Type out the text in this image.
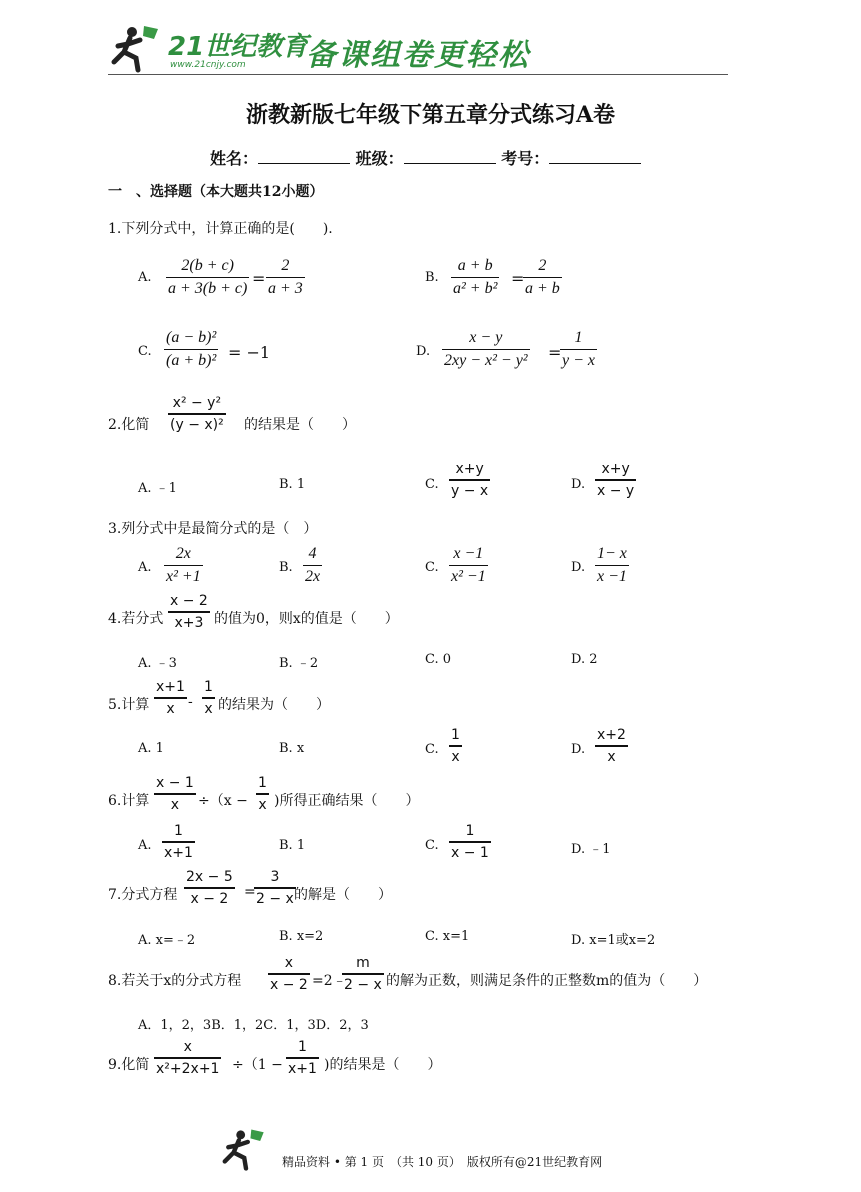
21世纪教育
www.21cnjy.com 备课组卷更轻松
浙教新版七年级下第五章分式练习A卷
姓名：	班级：	考号：
一　、选择题（本大题共12小题）
1.下列分式中，计算正确的是(　　).
A.
2(b + c)
a + 3(b + c)
=
2
a + 3
B.
a + b
a² + b²
=
2
a + b
C.
(a − b)²
(a + b)² = −1	D.
x − y
2xy − x² − y² =
1
y − x
2.化简
x² − y²
(y − x)² 的结果是（　　）
A. ﹣1	B. 1	C.
x+y
y − x	D.
x+y
x − y
3.列分式中是最简分式的是（　）
A.
2x
x² +1
B.
4
2x
C.
x −1
x² −1
D.
1− x
x −1
4.若分式
x − 2
x+3 的值为0，则x的值是（　　）
A. ﹣3	B. ﹣2	C. 0	D. 2
5.计算
x+1
x -
1
x 的结果为（　　）
A. 1	B. x	C.
1
x	D.
x+2
x
6.计算
x − 1
x ÷（x −
1
x )所得正确结果（　　）
A.
1
x+1	B. 1	C.
1
x − 1	D. ﹣1
7.分式方程
2x − 5
x − 2 =
3
2 − x 的解是（　　）
A. x=﹣2	B. x=2	C. x=1	D. x=1或x=2
8.若关于x的分式方程
x
x − 2 =2﹣
m
2 − x 的解为正数，则满足条件的正整数m的值为（　　）
A．1，2，3B．1，2C．1，3D．2，3
9.化简
x
x²+2x+1 ÷（1 −
1
x+1 )的结果是（　　）
精品资料 • 第 1 页　（共 10 页）　版权所有@21世纪教育网
